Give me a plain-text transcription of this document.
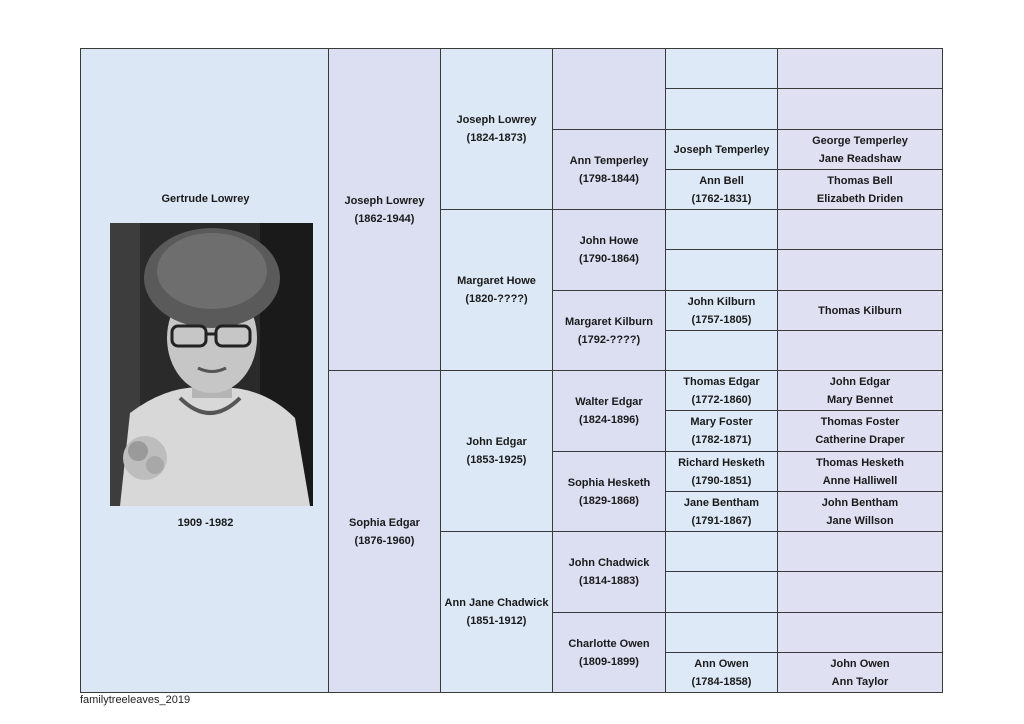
Gertrude Lowrey
1909 -1982
Joseph Lowrey
(1862-1944)
Sophia Edgar
(1876-1960)
Joseph Lowrey
(1824-1873)
Margaret Howe
(1820-????)
John Edgar
(1853-1925)
Ann Jane Chadwick
(1851-1912)
Ann Temperley
(1798-1844)
John Howe
(1790-1864)
Margaret Kilburn
(1792-????)
Walter Edgar
(1824-1896)
Sophia Hesketh
(1829-1868)
John Chadwick
(1814-1883)
Charlotte Owen
(1809-1899)
Joseph Temperley
Ann Bell
(1762-1831)
John Kilburn
(1757-1805)
Thomas Edgar
(1772-1860)
Mary Foster
(1782-1871)
Richard Hesketh
(1790-1851)
Jane Bentham
(1791-1867)
Ann Owen
(1784-1858)
George Temperley
Jane Readshaw
Thomas Bell
Elizabeth Driden
Thomas Kilburn
John Edgar
Mary Bennet
Thomas Foster
Catherine Draper
Thomas Hesketh
Anne Halliwell
John Bentham
Jane Willson
John Owen
Ann Taylor
familytreeleaves_2019
